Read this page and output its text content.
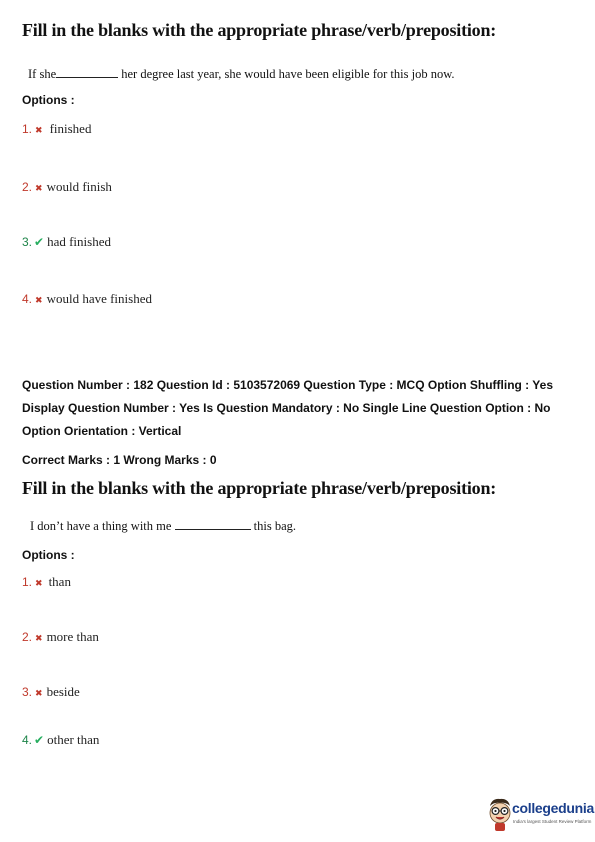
Fill in the blanks with the appropriate phrase/verb/preposition:
If she	her degree last year, she would have been eligible for this job now.
Options :
1. ✖ finished
2. ✖ would finish
3. ✔ had finished
4. ✖ would have finished
Question Number : 182 Question Id : 5103572069 Question Type : MCQ Option Shuffling : Yes
Display Question Number : Yes Is Question Mandatory : No Single Line Question Option : No
Option Orientation : Vertical
Correct Marks : 1 Wrong Marks : 0
Fill in the blanks with the appropriate phrase/verb/preposition:
I don’t have a thing with me	this bag.
Options :
1. ✖ than
2. ✖ more than
3. ✖ beside
4. ✔ other than
collegedunia
India's largest Student Review Platform
